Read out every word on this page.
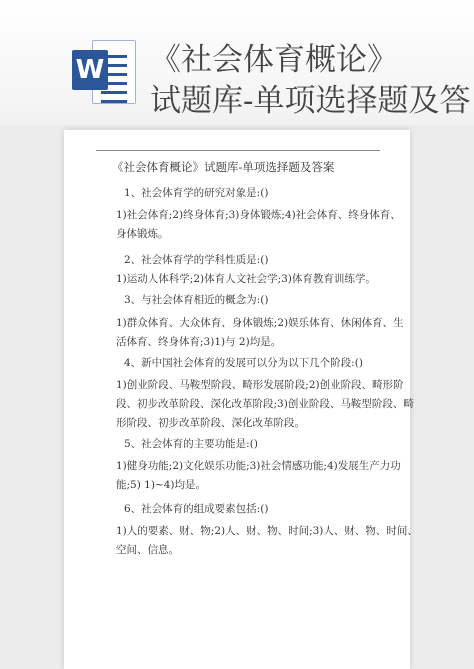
W 《社会体育概论》
试题库-单项选择题及答
《社会体育概论》试题库-单项选择题及答案
1、社会体育学的研究对象是:()
1)社会体育;2)终身体育;3)身体锻炼;4)社会体育、终身体育、
身体锻炼。
2、社会体育学的学科性质是:()
1)运动人体科学;2)体育人文社会学;3)体育教育训练学。
3、与社会体育相近的概念为:()
1)群众体育、大众体育、身体锻炼;2)娱乐体育、休闲体育、生
活体育、终身体育;3)1)与 2)均是。
4、新中国社会体育的发展可以分为以下几个阶段:()
1)创业阶段、马鞍型阶段、畸形发展阶段;2)创业阶段、畸形阶
段、初步改革阶段、深化改革阶段;3)创业阶段、马鞍型阶段、畸
形阶段、初步改革阶段、深化改革阶段。
5、社会体育的主要功能是:()
1)健身功能;2)文化娱乐功能;3)社会情感功能;4)发展生产力功
能;5) 1)~4)均是。
6、社会体育的组成要素包括:()
1)人的要素、财、物;2)人、财、物、时间;3)人、财、物、时间、
空间、信息。
